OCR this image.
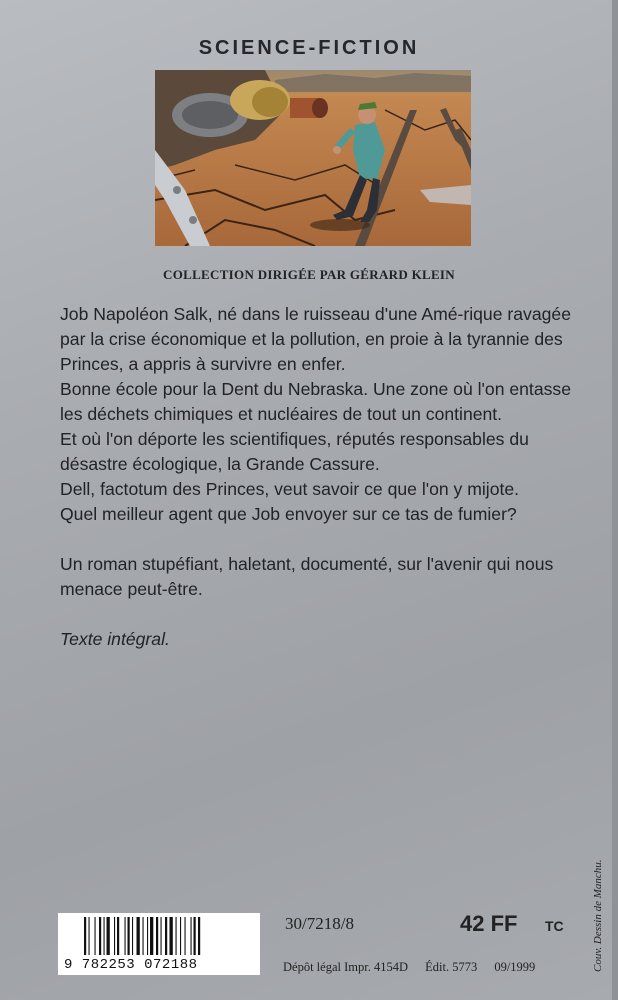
SCIENCE-FICTION
COLLECTION DIRIGÉE PAR GÉRARD KLEIN

Job Napoléon Salk, né dans le ruisseau d'une Amé-rique ravagée par la crise économique et la pollution, en proie à la tyrannie des Princes, a appris à survivre en enfer.

Bonne école pour la Dent du Nebraska. Une zone où l'on entasse les déchets chimiques et nucléaires de tout un continent.

Et où l'on déporte les scientifiques, réputés responsables du désastre écologique, la Grande Cassure.

Dell, factotum des Princes, veut savoir ce que l'on y mijote.

Quel meilleur agent que Job envoyer sur ce tas de fumier?

Un roman stupéfiant, haletant, documenté, sur l'avenir qui nous menace peut-être.

Texte intégral.

9 782253 072188
30/7218/8	42 FF TC
Dépôt légal Impr. 4154D Édit. 5773 09/1999	Couv. Dessin de Manchu.
